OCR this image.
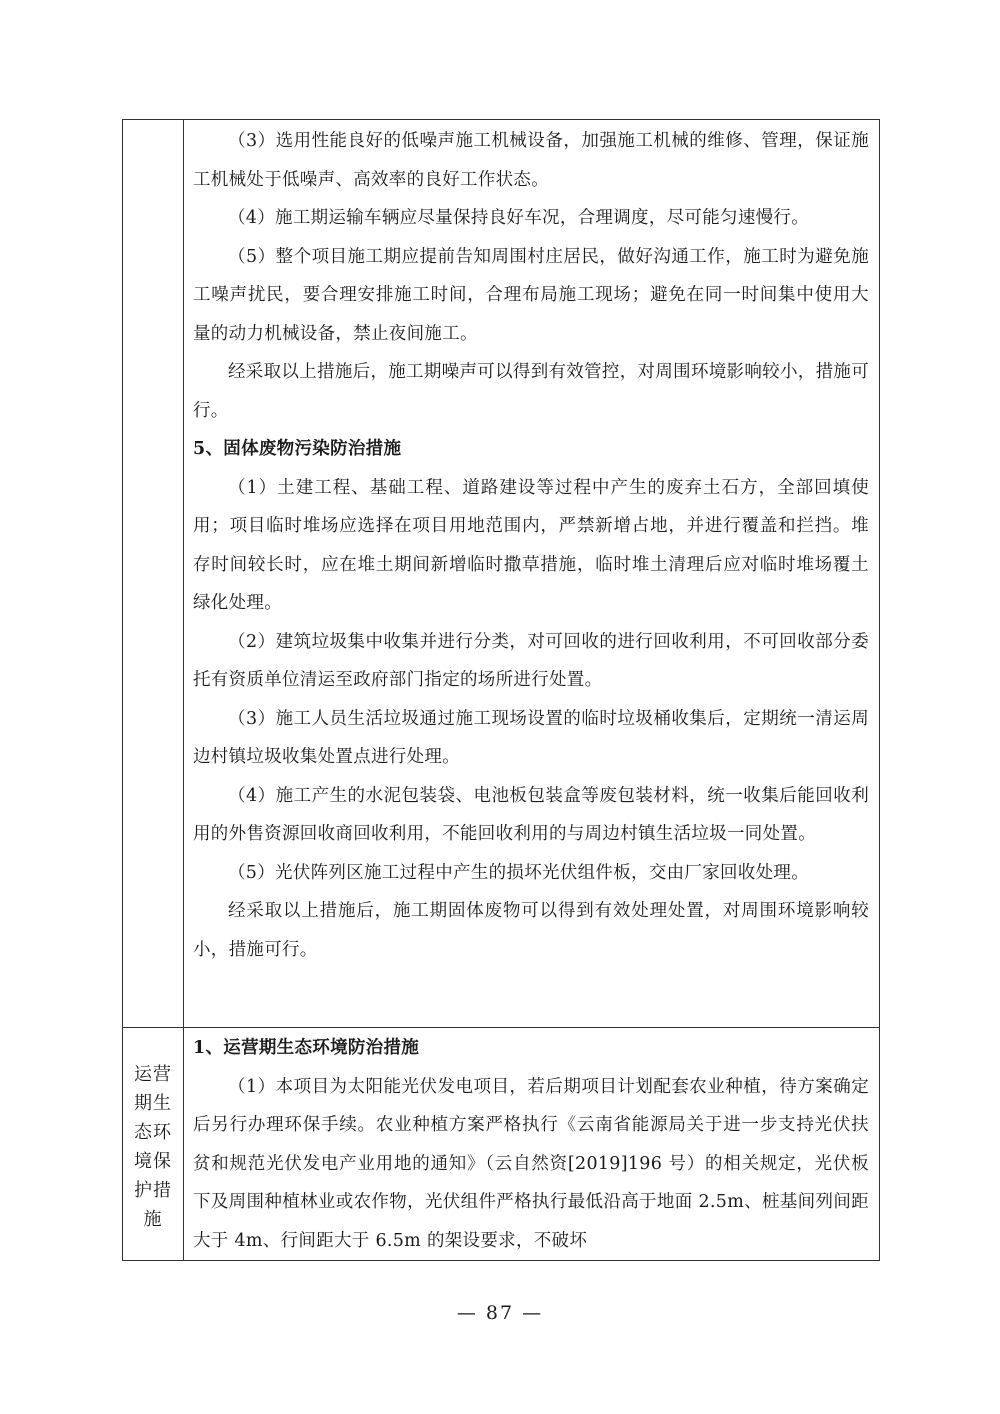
（3）选用性能良好的低噪声施工机械设备，加强施工机械的维修、管理，保证施工机械处于低噪声、高效率的良好工作状态。

（4）施工期运输车辆应尽量保持良好车况，合理调度，尽可能匀速慢行。

（5）整个项目施工期应提前告知周围村庄居民，做好沟通工作，施工时为避免施工噪声扰民，要合理安排施工时间，合理布局施工现场；避免在同一时间集中使用大量的动力机械设备，禁止夜间施工。

经采取以上措施后，施工期噪声可以得到有效管控，对周围环境影响较小，措施可行。

5、固体废物污染防治措施

（1）土建工程、基础工程、道路建设等过程中产生的废弃土石方，全部回填使用；项目临时堆场应选择在项目用地范围内，严禁新增占地，并进行覆盖和拦挡。堆存时间较长时，应在堆土期间新增临时撒草措施，临时堆土清理后应对临时堆场覆土绿化处理。

（2）建筑垃圾集中收集并进行分类，对可回收的进行回收利用，不可回收部分委托有资质单位清运至政府部门指定的场所进行处置。

（3）施工人员生活垃圾通过施工现场设置的临时垃圾桶收集后，定期统一清运周边村镇垃圾收集处置点进行处理。

（4）施工产生的水泥包装袋、电池板包装盒等废包装材料，统一收集后能回收利用的外售资源回收商回收利用，不能回收利用的与周边村镇生活垃圾一同处置。

（5）光伏阵列区施工过程中产生的损坏光伏组件板，交由厂家回收处理。

经采取以上措施后，施工期固体废物可以得到有效处理处置，对周围环境影响较小，措施可行。

运营
期生
态环
境保
护措
施

1、运营期生态环境防治措施

（1）本项目为太阳能光伏发电项目，若后期项目计划配套农业种植，待方案确定后另行办理环保手续。农业种植方案严格执行《云南省能源局关于进一步支持光伏扶贫和规范光伏发电产业用地的通知》（云自然资[2019]196 号）的相关规定，光伏板下及周围种植林业或农作物，光伏组件严格执行最低沿高于地面 2.5m、桩基间列间距大于 4m、行间距大于 6.5m 的架设要求，不破坏

— 87 —
